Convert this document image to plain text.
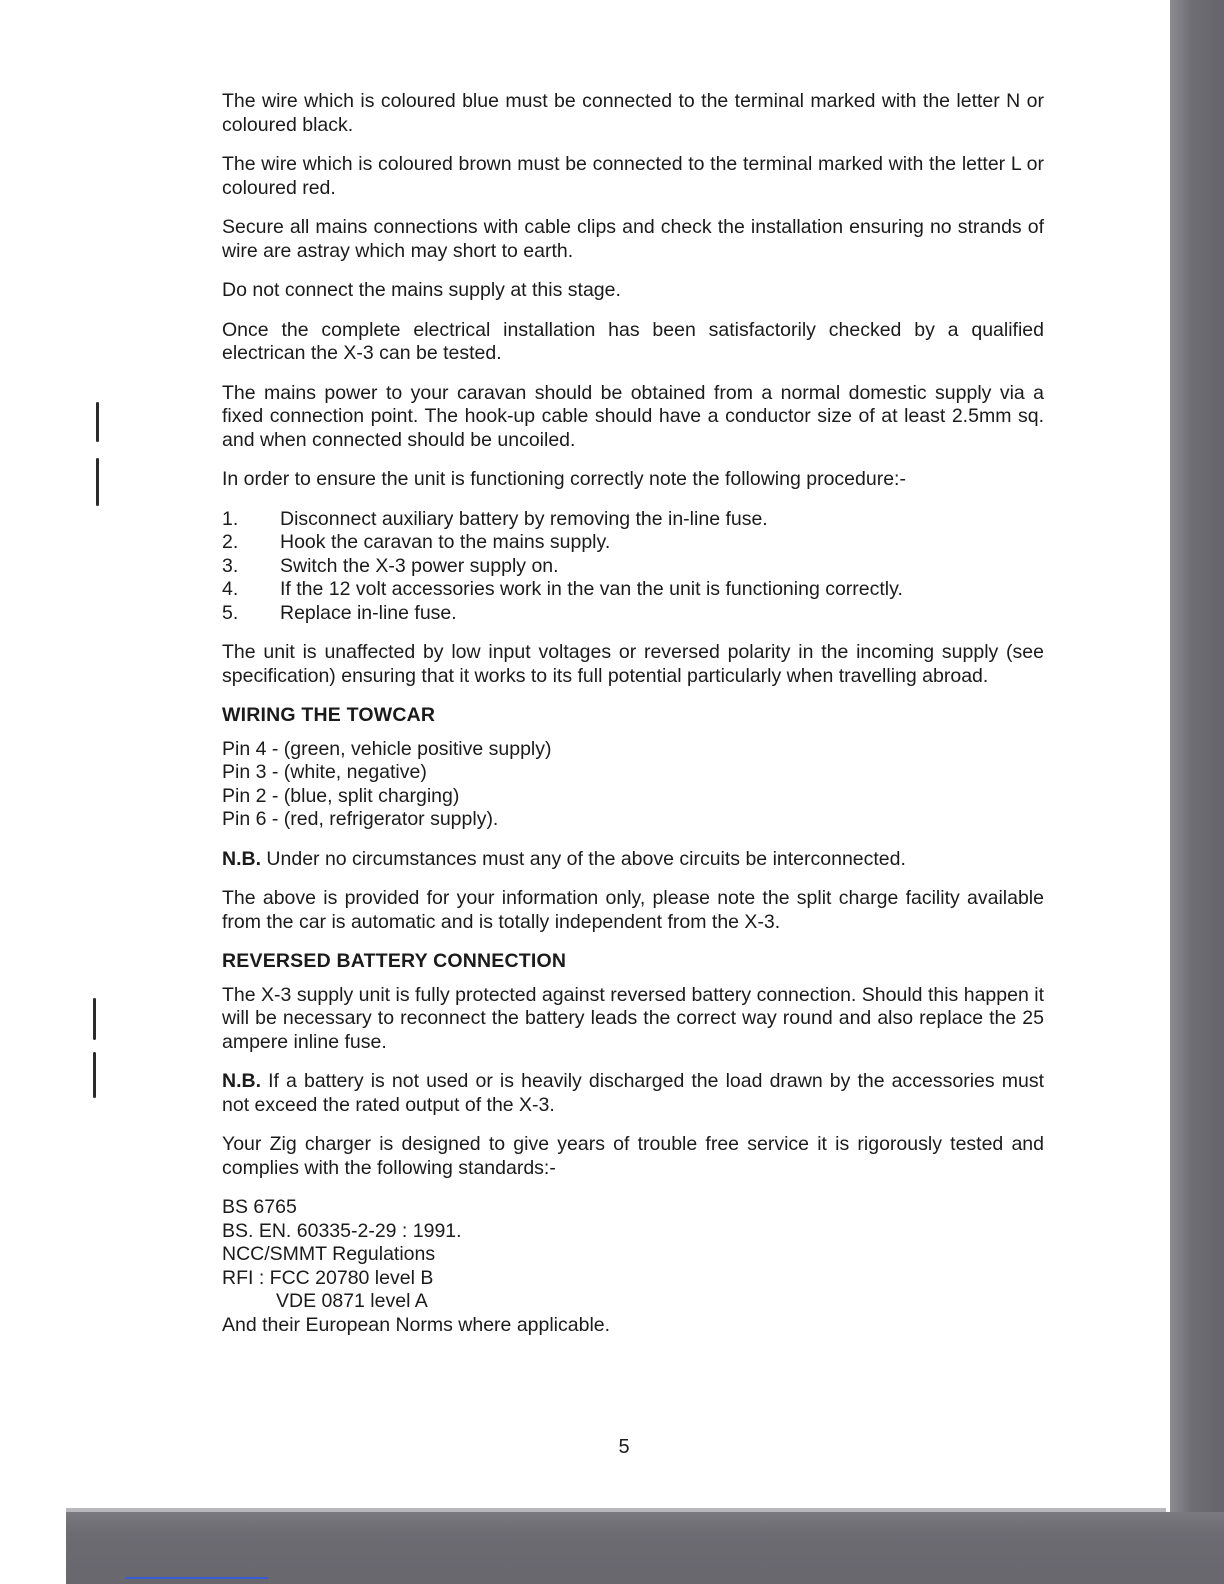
The wire which is coloured blue must be connected to the terminal marked with the letter N or coloured black.

The wire which is coloured brown must be connected to the terminal marked with the letter L or coloured red.

Secure all mains connections with cable clips and check the installation ensuring no strands of wire are astray which may short to earth.

Do not connect the mains supply at this stage.

Once the complete electrical installation has been satisfactorily checked by a qualified electrican the X-3 can be tested.

The mains power to your caravan should be obtained from a normal domestic supply via a fixed connection point. The hook-up cable should have a conductor size of at least 2.5mm sq. and when connected should be uncoiled.

In order to ensure the unit is functioning correctly note the following procedure:-

1.	Disconnect auxiliary battery by removing the in-line fuse.
2.	Hook the caravan to the mains supply.
3.	Switch the X-3 power supply on.
4.	If the 12 volt accessories work in the van the unit is functioning correctly.
5.	Replace in-line fuse.

The unit is unaffected by low input voltages or reversed polarity in the incoming supply (see specification) ensuring that it works to its full potential particularly when travelling abroad.

WIRING THE TOWCAR
Pin 4 - (green, vehicle positive supply)
Pin 3 - (white, negative)
Pin 2 - (blue, split charging)
Pin 6 - (red, refrigerator supply).

N.B. Under no circumstances must any of the above circuits be interconnected.

The above is provided for your information only, please note the split charge facility available from the car is automatic and is totally independent from the X-3.

REVERSED BATTERY CONNECTION

The X-3 supply unit is fully protected against reversed battery connection. Should this happen it will be necessary to reconnect the battery leads the correct way round and also replace the 25 ampere inline fuse.

N.B. If a battery is not used or is heavily discharged the load drawn by the accessories must not exceed the rated output of the X-3.

Your Zig charger is designed to give years of trouble free service it is rigorously tested and complies with the following standards:-

BS 6765
BS. EN. 60335-2-29 : 1991.
NCC/SMMT Regulations
RFI : FCC 20780 level B
VDE 0871 level A
And their European Norms where applicable.
5
